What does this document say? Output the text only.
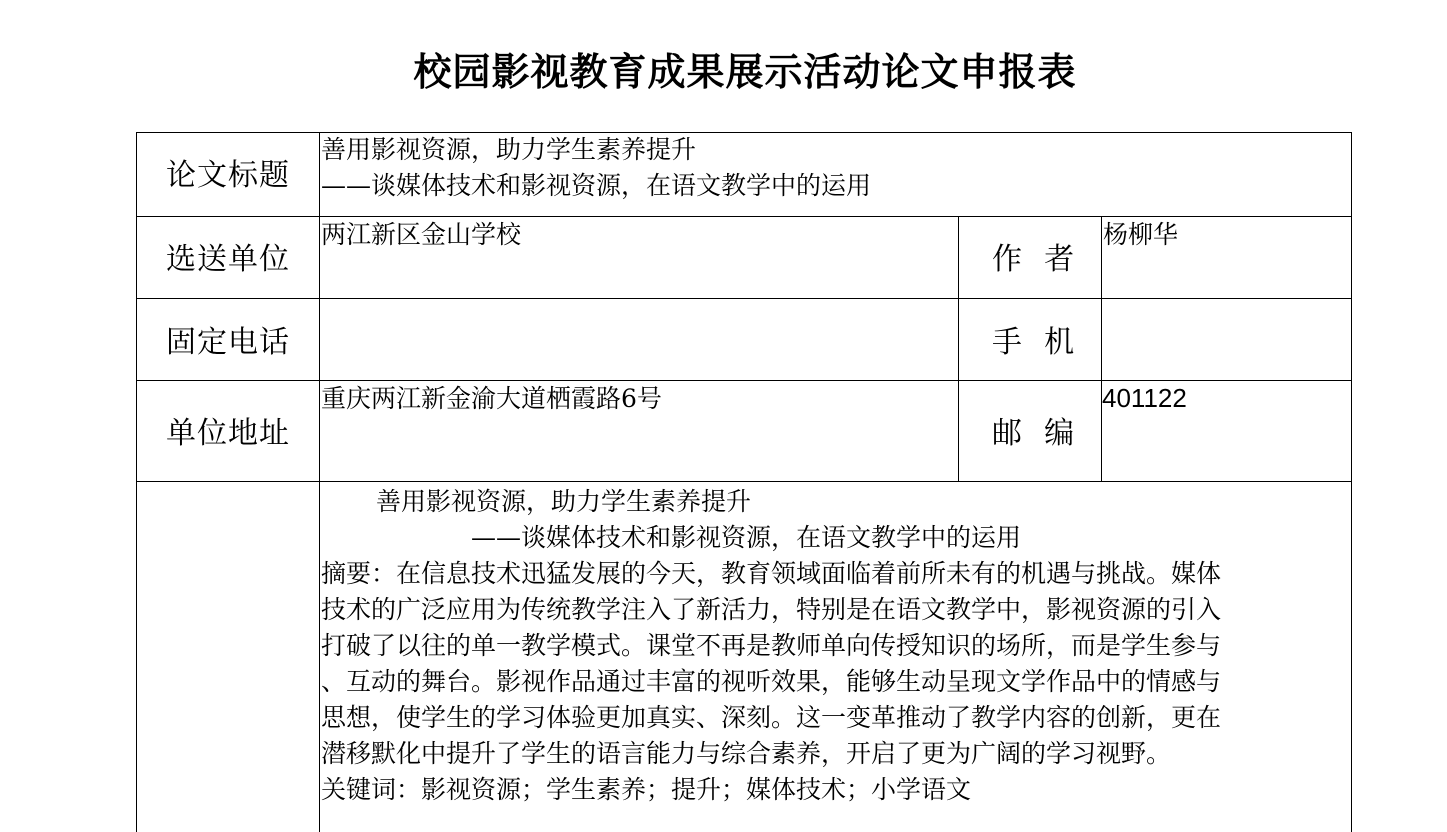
校园影视教育成果展示活动论文申报表
论文标题
善用影视资源，助力学生素养提升
——谈媒体技术和影视资源，在语文教学中的运用
选送单位
两江新区金山学校
作  者
杨柳华
固定电话	手  机
单位地址
重庆两江新金渝大道栖霞路6号
邮  编
401122

善用影视资源，助力学生素养提升

——谈媒体技术和影视资源，在语文教学中的运用

摘要：在信息技术迅猛发展的今天，教育领域面临着前所未有的机遇与挑战。媒体

技术的广泛应用为传统教学注入了新活力，特别是在语文教学中，影视资源的引入

打破了以往的单一教学模式。课堂不再是教师单向传授知识的场所，而是学生参与

、互动的舞台。影视作品通过丰富的视听效果，能够生动呈现文学作品中的情感与

思想，使学生的学习体验更加真实、深刻。这一变革推动了教学内容的创新，更在

潜移默化中提升了学生的语言能力与综合素养，开启了更为广阔的学习视野。

关键词：影视资源；学生素养；提升；媒体技术；小学语文
